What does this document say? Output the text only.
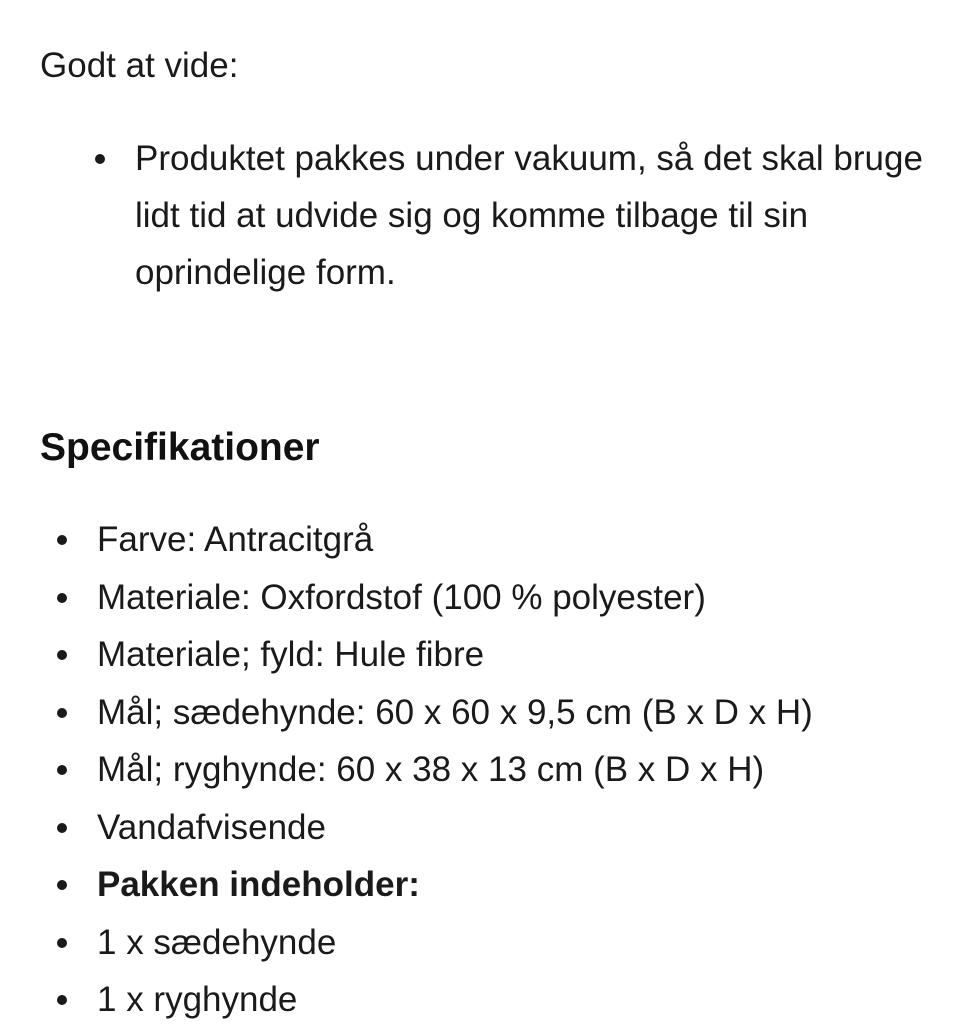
Godt at vide:

Produktet pakkes under vakuum, så det skal bruge lidt tid at udvide sig og komme tilbage til sin oprindelige form.
Specifikationer
Farve: Antracitgrå
Materiale: Oxfordstof (100 % polyester)
Materiale; fyld: Hule fibre
Mål; sædehynde: 60 x 60 x 9,5 cm (B x D x H)
Mål; ryghynde: 60 x 38 x 13 cm (B x D x H)
Vandafvisende
Pakken indeholder:
1 x sædehynde
1 x ryghynde
